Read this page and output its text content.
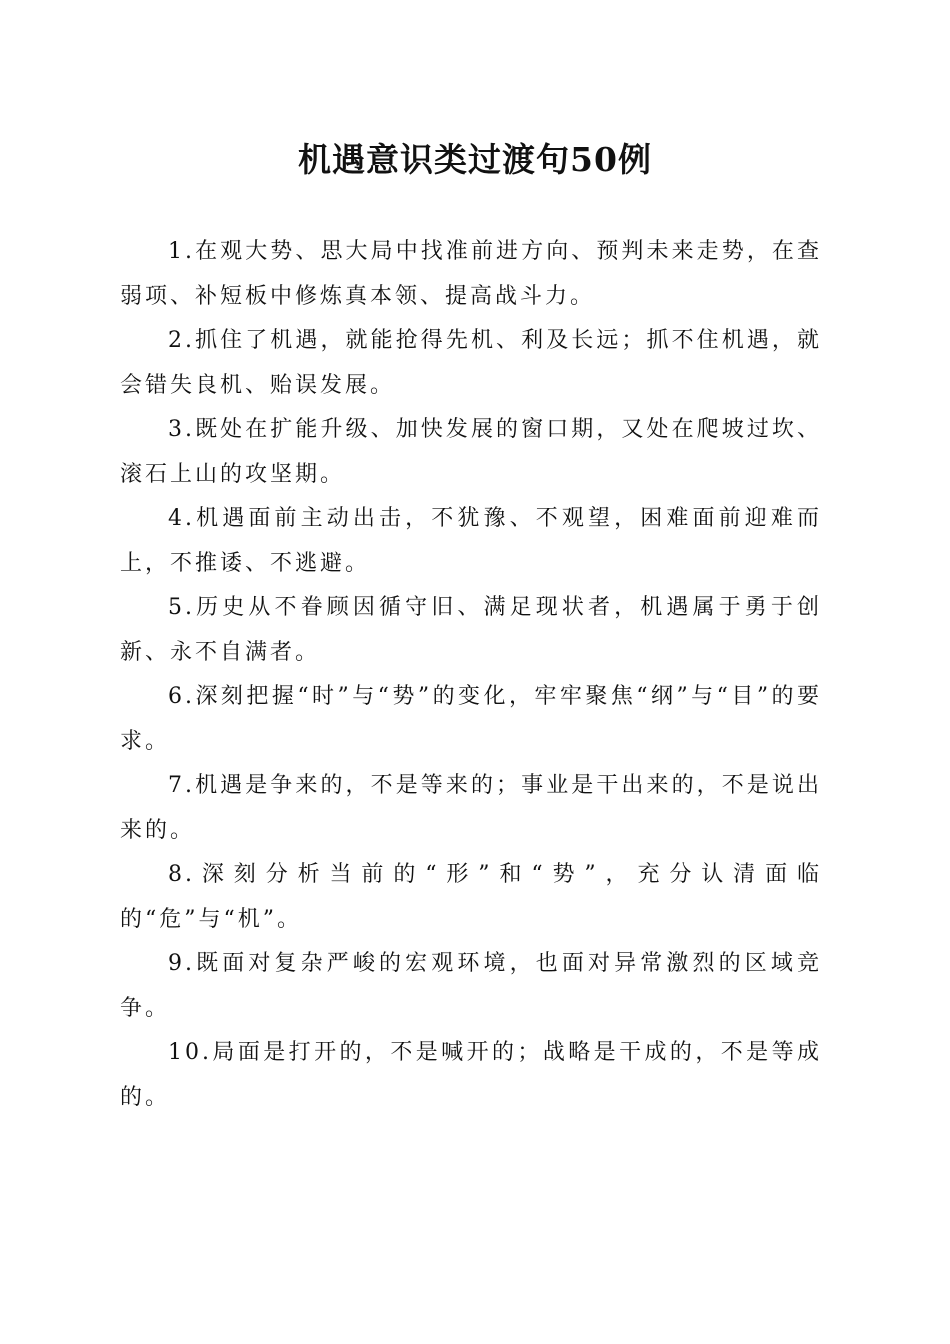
机遇意识类过渡句50例

1.在观大势、思大局中找准前进方向、预判未来走势，在查弱项、补短板中修炼真本领、提高战斗力。

2.抓住了机遇，就能抢得先机、利及长远；抓不住机遇，就会错失良机、贻误发展。

3.既处在扩能升级、加快发展的窗口期，又处在爬坡过坎、滚石上山的攻坚期。

4.机遇面前主动出击，不犹豫、不观望，困难面前迎难而上，不推诿、不逃避。

5.历史从不眷顾因循守旧、满足现状者，机遇属于勇于创新、永不自满者。

6.深刻把握“时”与“势”的变化，牢牢聚焦“纲”与“目”的要求。

7.机遇是争来的，不是等来的；事业是干出来的，不是说出来的。

8.深刻分析当前的“形”和“势”，充分认清面临的“危”与“机”。

9.既面对复杂严峻的宏观环境，也面对异常激烈的区域竞争。

10.局面是打开的，不是喊开的；战略是干成的，不是等成的。
